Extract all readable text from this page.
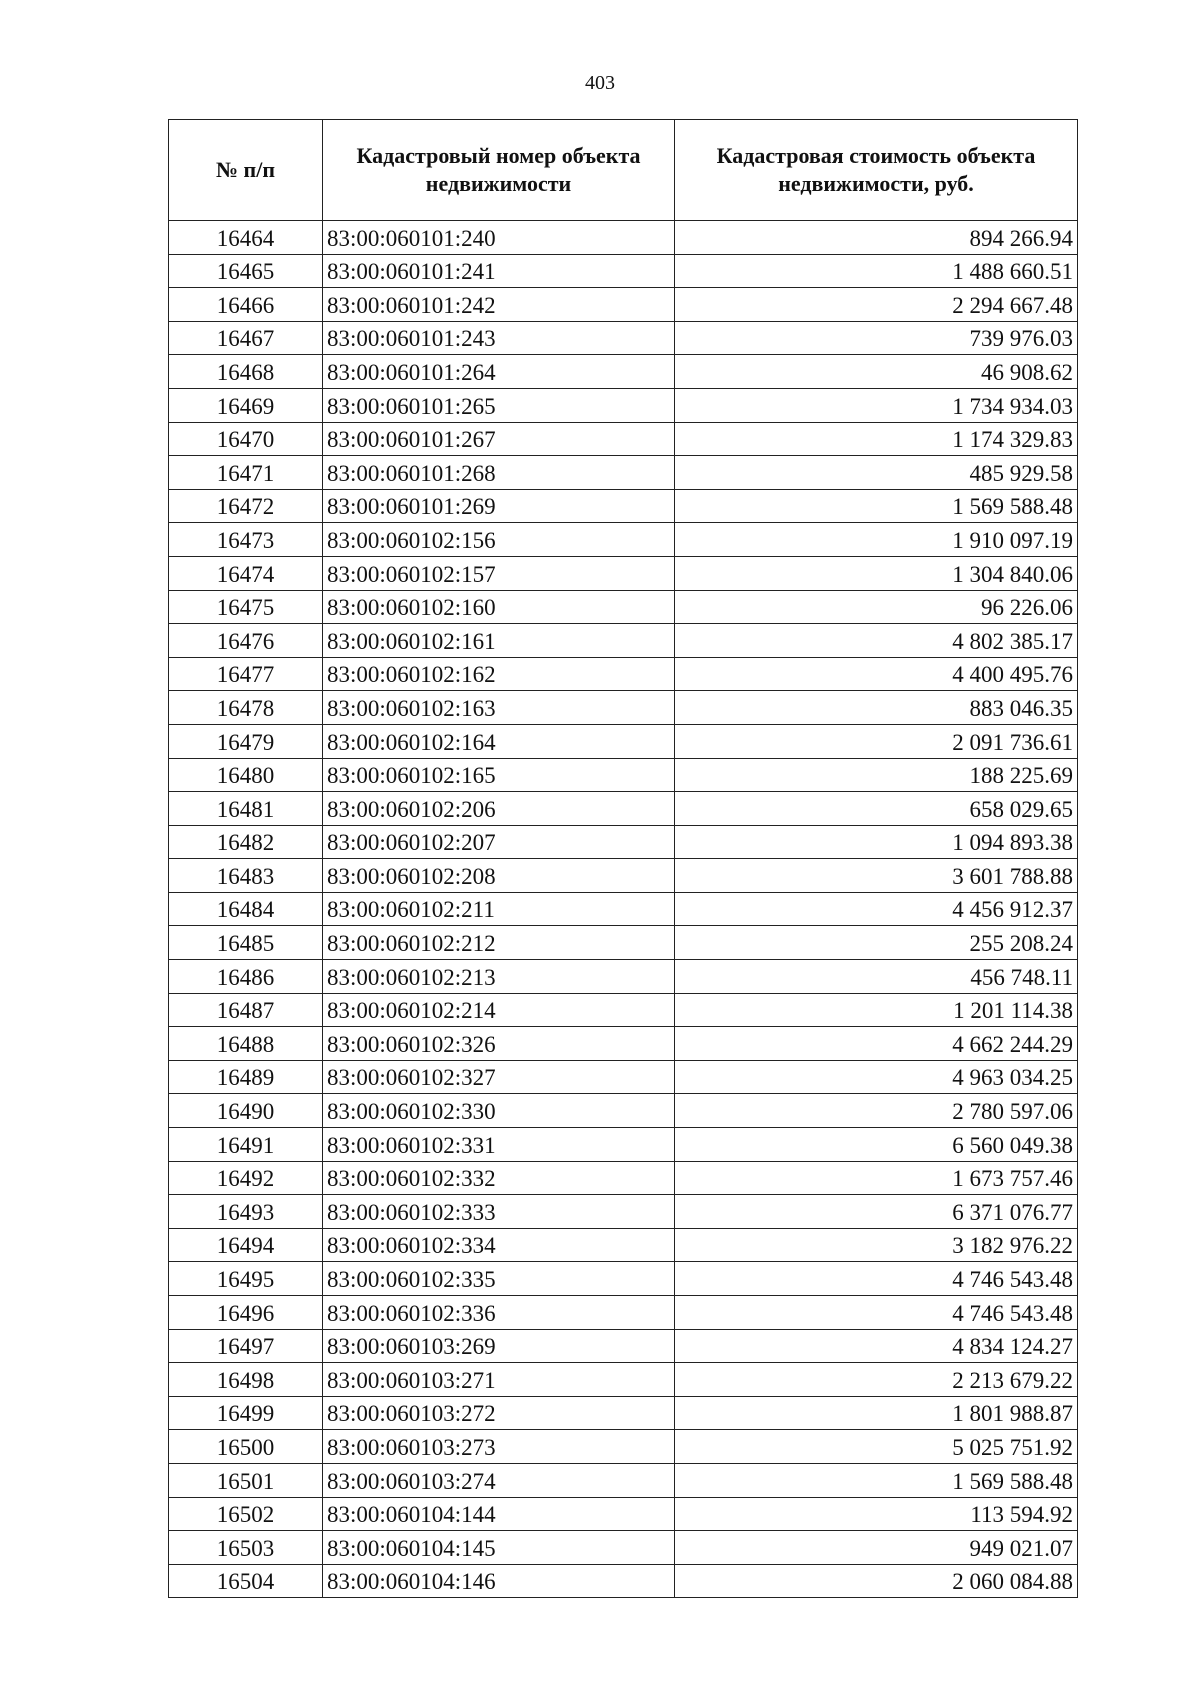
403
№ п/п	Кадастровый номер объекта недвижимости	Кадастровая стоимость объекта недвижимости, руб.
16464	83:00:060101:240	894 266.94
16465	83:00:060101:241	1 488 660.51
16466	83:00:060101:242	2 294 667.48
16467	83:00:060101:243	739 976.03
16468	83:00:060101:264	46 908.62
16469	83:00:060101:265	1 734 934.03
16470	83:00:060101:267	1 174 329.83
16471	83:00:060101:268	485 929.58
16472	83:00:060101:269	1 569 588.48
16473	83:00:060102:156	1 910 097.19
16474	83:00:060102:157	1 304 840.06
16475	83:00:060102:160	96 226.06
16476	83:00:060102:161	4 802 385.17
16477	83:00:060102:162	4 400 495.76
16478	83:00:060102:163	883 046.35
16479	83:00:060102:164	2 091 736.61
16480	83:00:060102:165	188 225.69
16481	83:00:060102:206	658 029.65
16482	83:00:060102:207	1 094 893.38
16483	83:00:060102:208	3 601 788.88
16484	83:00:060102:211	4 456 912.37
16485	83:00:060102:212	255 208.24
16486	83:00:060102:213	456 748.11
16487	83:00:060102:214	1 201 114.38
16488	83:00:060102:326	4 662 244.29
16489	83:00:060102:327	4 963 034.25
16490	83:00:060102:330	2 780 597.06
16491	83:00:060102:331	6 560 049.38
16492	83:00:060102:332	1 673 757.46
16493	83:00:060102:333	6 371 076.77
16494	83:00:060102:334	3 182 976.22
16495	83:00:060102:335	4 746 543.48
16496	83:00:060102:336	4 746 543.48
16497	83:00:060103:269	4 834 124.27
16498	83:00:060103:271	2 213 679.22
16499	83:00:060103:272	1 801 988.87
16500	83:00:060103:273	5 025 751.92
16501	83:00:060103:274	1 569 588.48
16502	83:00:060104:144	113 594.92
16503	83:00:060104:145	949 021.07
16504	83:00:060104:146	2 060 084.88
